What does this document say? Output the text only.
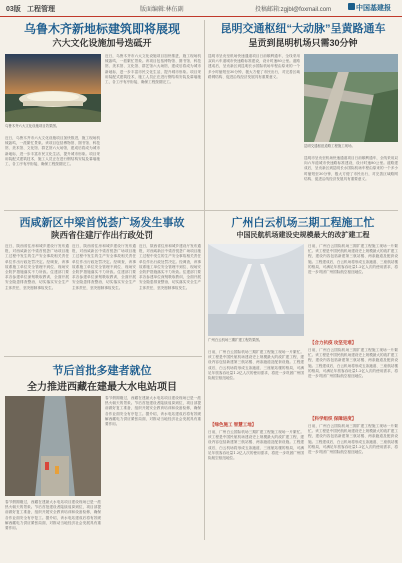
03版 工程管理	版面编辑:林伍副	投稿邮箱:zgjbl@foxmail.com	中国基建报
乌鲁木齐新地标建筑即将展现
六大文化设施加号迭砥开
乌鲁木齐六大文化设施项目效果图。
近日，乌鲁木齐市六大文化设施项目加快推进，施工现场机械轰鸣，一派繁忙景象。该项目包括博物馆、图书馆、科技馆、美术馆、文化馆、群艺馆六大场馆，建成后将成为城市新地标，进一步丰富市民文化生活，提升城市形象。项目采用装配式建筑技术，施工人员正在进行钢结构安装及幕墙施工，各工序有序衔接，确保工程按期完工。
近日，乌鲁木齐市六大文化设施项目加快推进，施工现场机械轰鸣，一派繁忙景象。该项目包括博物馆、图书馆、科技馆、美术馆、文化馆、群艺馆六大场馆，建成后将成为城市新地标，进一步丰富市民文化生活，提升城市形象。项目采用装配式建筑技术，施工人员正在进行钢结构安装及幕墙施工，各工序有序衔接，确保工程按期完工。
昆明交通枢纽“大动脉”呈黄路通车
呈贡到昆明机场只需30分钟
昆明市呈贡至机场快速通道项目日前顺利通车，全线采用双向六车道城市快速路标准建设，设计时速80公里。道路建成后，呈贡新区到昆明长水国际机场车程由原来的一个多小时缩短至30分钟，极大方便了市民出行，对完善区域路网结构、促进沿线经济发展具有重要意义。
昆明交通枢纽道路工程施工现场。
昆明市呈贡至机场快速通道项目日前顺利通车，全线采用双向六车道城市快速路标准建设，设计时速80公里。道路建成后，呈贡新区到昆明长水国际机场车程由原来的一个多小时缩短至30分钟，极大方便了市民出行，对完善区域路网结构、促进沿线经济发展具有重要意义。
西咸新区中梁首悦荟广场发生事故
陕西省住建厅作出行政处罚
近日，陕西省住房和城乡建设厅发布通报，对西咸新区中梁首悦荟广场项目施工过程中发生的生产安全事故相关责任单位作出行政处罚决定。经调查，该事故系施工单位安全管理不到位、现场安全防护措施落实不力所致。住建部门要求各参建单位深刻吸取教训，全面开展安全隐患排查整治，切实落实安全生产主体责任，坚决遏制事故发生。
近日，陕西省住房和城乡建设厅发布通报，对西咸新区中梁首悦荟广场项目施工过程中发生的生产安全事故相关责任单位作出行政处罚决定。经调查，该事故系施工单位安全管理不到位、现场安全防护措施落实不力所致。住建部门要求各参建单位深刻吸取教训，全面开展安全隐患排查整治，切实落实安全生产主体责任，坚决遏制事故发生。
近日，陕西省住房和城乡建设厅发布通报，对西咸新区中梁首悦荟广场项目施工过程中发生的生产安全事故相关责任单位作出行政处罚决定。经调查，该事故系施工单位安全管理不到位、现场安全防护措施落实不力所致。住建部门要求各参建单位深刻吸取教训，全面开展安全隐患排查整治，切实落实安全生产主体责任，坚决遏制事故发生。
节后首批多建者就位
全力推进西藏在建最大水电站项目
春节假期刚过，西藏在建最大水电站项目建设现场已是一派热火朝天的景象。节后首批建设者陆续返岗到位，项目部提前做好复工准备，组织开展安全教育培训和设备检修，确保各作业面安全有序复工。据介绍，该水电站建成后将有效缓解西藏电力供应紧张局面，对推动当地经济社会发展具有重要作用。
春节假期刚过，西藏在建最大水电站项目建设现场已是一派热火朝天的景象。节后首批建设者陆续返岗到位，项目部提前做好复工准备，组织开展安全教育培训和设备检修，确保各作业面安全有序复工。据介绍，该水电站建成后将有效缓解西藏电力供应紧张局面，对推动当地经济社会发展具有重要作用。
广州白云机场三期工程施工忙
中国民航机场建设史规模最大的改扩建工程
广州白云机场三期扩建工程效果图。
日前，广州白云国际机场三期扩建工程施工现场一片繁忙。该工程是中国民航机场建设史上规模最大的改扩建工程，建设内容包括新建第三航站楼、两条跑道及配套设施。工程建成后，白云机场将形成五条跑道、三座航站楼的格局，可满足年旅客吞吐量1.2亿人次的使用需求，将进一步巩固广州国际航空枢纽地位。
【绿色施工 智慧工地】
日前，广州白云国际机场三期扩建工程施工现场一片繁忙。该工程是中国民航机场建设史上规模最大的改扩建工程，建设内容包括新建第三航站楼、两条跑道及配套设施。工程建成后，白云机场将形成五条跑道、三座航站楼的格局，可满足年旅客吞吐量1.2亿人次的使用需求，将进一步巩固广州国际航空枢纽地位。
日前，广州白云国际机场三期扩建工程施工现场一片繁忙。该工程是中国民航机场建设史上规模最大的改扩建工程，建设内容包括新建第三航站楼、两条跑道及配套设施。工程建成后，白云机场将形成五条跑道、三座航站楼的格局，可满足年旅客吞吐量1.2亿人次的使用需求，将进一步巩固广州国际航空枢纽地位。
【合力抗疫 攻坚克难】
日前，广州白云国际机场三期扩建工程施工现场一片繁忙。该工程是中国民航机场建设史上规模最大的改扩建工程，建设内容包括新建第三航站楼、两条跑道及配套设施。工程建成后，白云机场将形成五条跑道、三座航站楼的格局，可满足年旅客吞吐量1.2亿人次的使用需求，将进一步巩固广州国际航空枢纽地位。
【科学组织 保障进度】
日前，广州白云国际机场三期扩建工程施工现场一片繁忙。该工程是中国民航机场建设史上规模最大的改扩建工程，建设内容包括新建第三航站楼、两条跑道及配套设施。工程建成后，白云机场将形成五条跑道、三座航站楼的格局，可满足年旅客吞吐量1.2亿人次的使用需求，将进一步巩固广州国际航空枢纽地位。
